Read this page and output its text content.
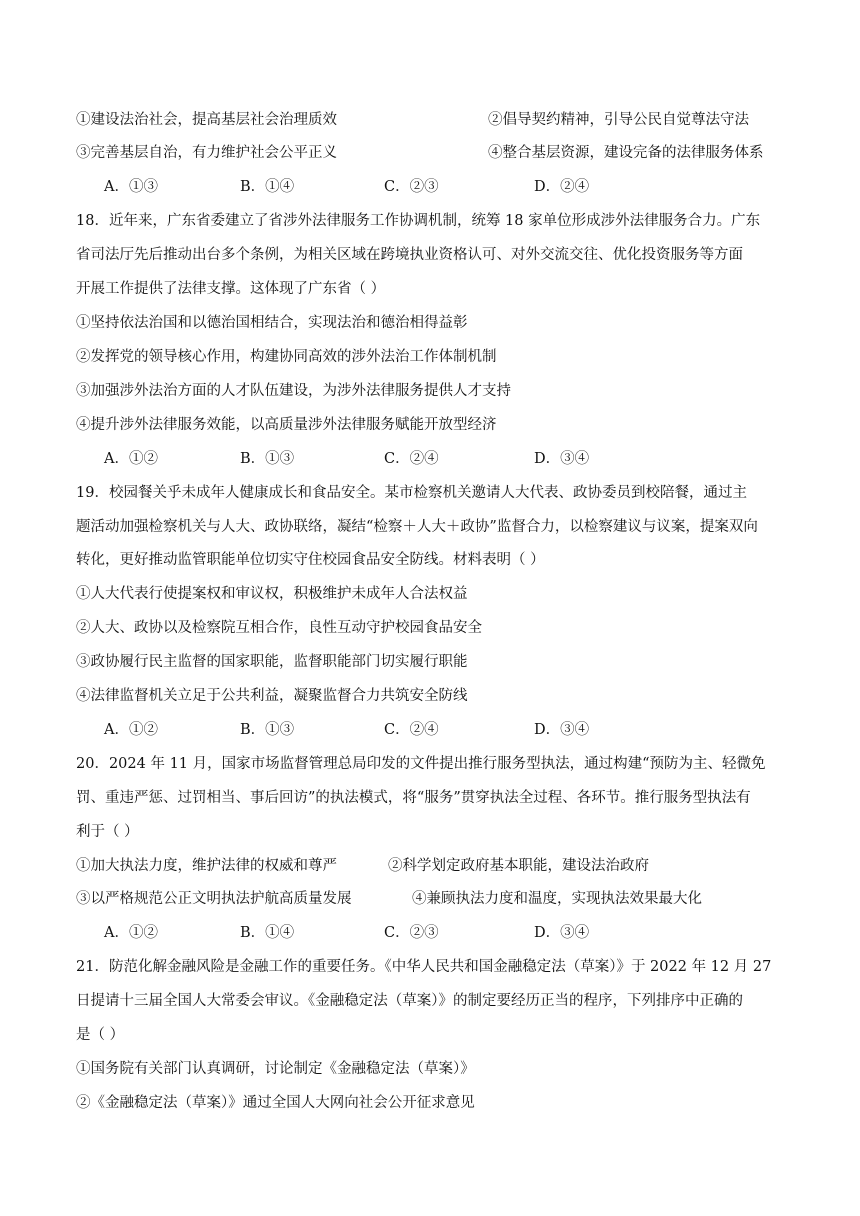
①建设法治社会，提高基层社会治理质效	②倡导契约精神，引导公民自觉尊法守法
③完善基层自治，有力维护社会公平正义	④整合基层资源，建设完备的法律服务体系
A．①③	B．①④	C．②③	D．②④
18．近年来，广东省委建立了省涉外法律服务工作协调机制，统筹 18 家单位形成涉外法律服务合力。广东
省司法厅先后推动出台多个条例，为相关区域在跨境执业资格认可、对外交流交往、优化投资服务等方面
开展工作提供了法律支撑。这体现了广东省（ ）
①坚持依法治国和以德治国相结合，实现法治和德治相得益彰
②发挥党的领导核心作用，构建协同高效的涉外法治工作体制机制
③加强涉外法治方面的人才队伍建设，为涉外法律服务提供人才支持
④提升涉外法律服务效能，以高质量涉外法律服务赋能开放型经济
A．①②	B．①③	C．②④	D．③④
19．校园餐关乎未成年人健康成长和食品安全。某市检察机关邀请人大代表、政协委员到校陪餐，通过主
题活动加强检察机关与人大、政协联络，凝结“检察＋人大＋政协”监督合力，以检察建议与议案，提案双向
转化，更好推动监管职能单位切实守住校园食品安全防线。材料表明（ ）
①人大代表行使提案权和审议权，积极维护未成年人合法权益
②人大、政协以及检察院互相合作，良性互动守护校园食品安全
③政协履行民主监督的国家职能，监督职能部门切实履行职能
④法律监督机关立足于公共利益，凝聚监督合力共筑安全防线
A．①②	B．①③	C．②④	D．③④
20．2024 年 11 月，国家市场监督管理总局印发的文件提出推行服务型执法，通过构建“预防为主、轻微免
罚、重违严惩、过罚相当、事后回访”的执法模式，将“服务”贯穿执法全过程、各环节。推行服务型执法有
利于（ ）
①加大执法力度，维护法律的权威和尊严	②科学划定政府基本职能，建设法治政府
③以严格规范公正文明执法护航高质量发展	④兼顾执法力度和温度，实现执法效果最大化
A．①②	B．①④	C．②③	D．③④
21．防范化解金融风险是金融工作的重要任务。《中华人民共和国金融稳定法（草案）》于 2022 年 12 月 27
日提请十三届全国人大常委会审议。《金融稳定法（草案）》的制定要经历正当的程序，下列排序中正确的
是（ ）
①国务院有关部门认真调研，讨论制定《金融稳定法（草案）》
②《金融稳定法（草案）》通过全国人大网向社会公开征求意见
